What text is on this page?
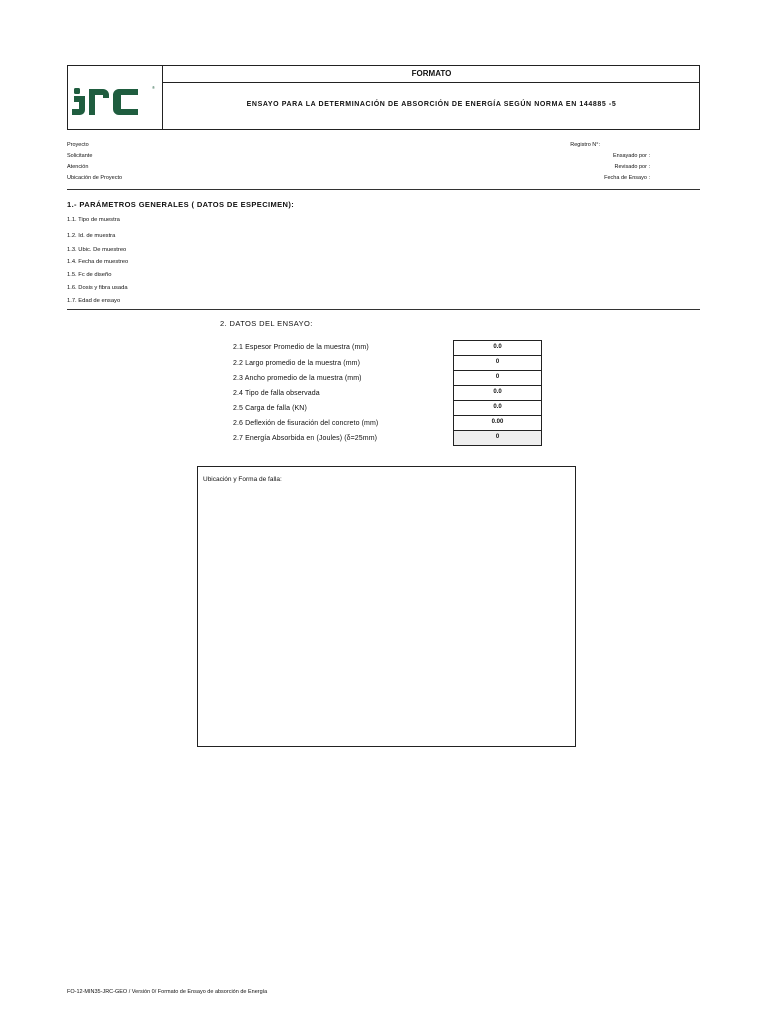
®
FORMATO
ENSAYO PARA LA DETERMINACIÓN DE ABSORCIÓN DE ENERGÍA SEGÚN NORMA EN 144885 -5
Proyecto
Solicitante
Atención
Ubicación de Proyecto
Registro N°:
Ensayado por :
Revisado por :
Fecha de Ensayo :
1.- PARÁMETROS GENERALES ( DATOS DE ESPECIMEN):
1.1. Tipo de muestra
1.2. Id. de muestra
1.3. Ubic. De muestreo
1.4. Fecha de muestreo
1.5. Fc de diseño
1.6. Dosis y fibra usada
1.7. Edad de ensayo
2. DATOS DEL ENSAYO:
2.1 Espesor Promedio de la muestra (mm)
2.2 Largo promedio de la muestra (mm)
2.3 Ancho promedio de la muestra (mm)
2.4 Tipo de falla observada
2.5 Carga de falla (KN)
2.6 Deflexión de fisuración del concreto (mm)
2.7 Energía Absorbida en (Joules) (δ=25mm)
0.0
0
0
0.0
0.0
0.00
0
Ubicación y Forma de falla:
FO-12-MIN35-JRC-GEO / Versión 0/ Formato de Ensayo de absorción de Energía
